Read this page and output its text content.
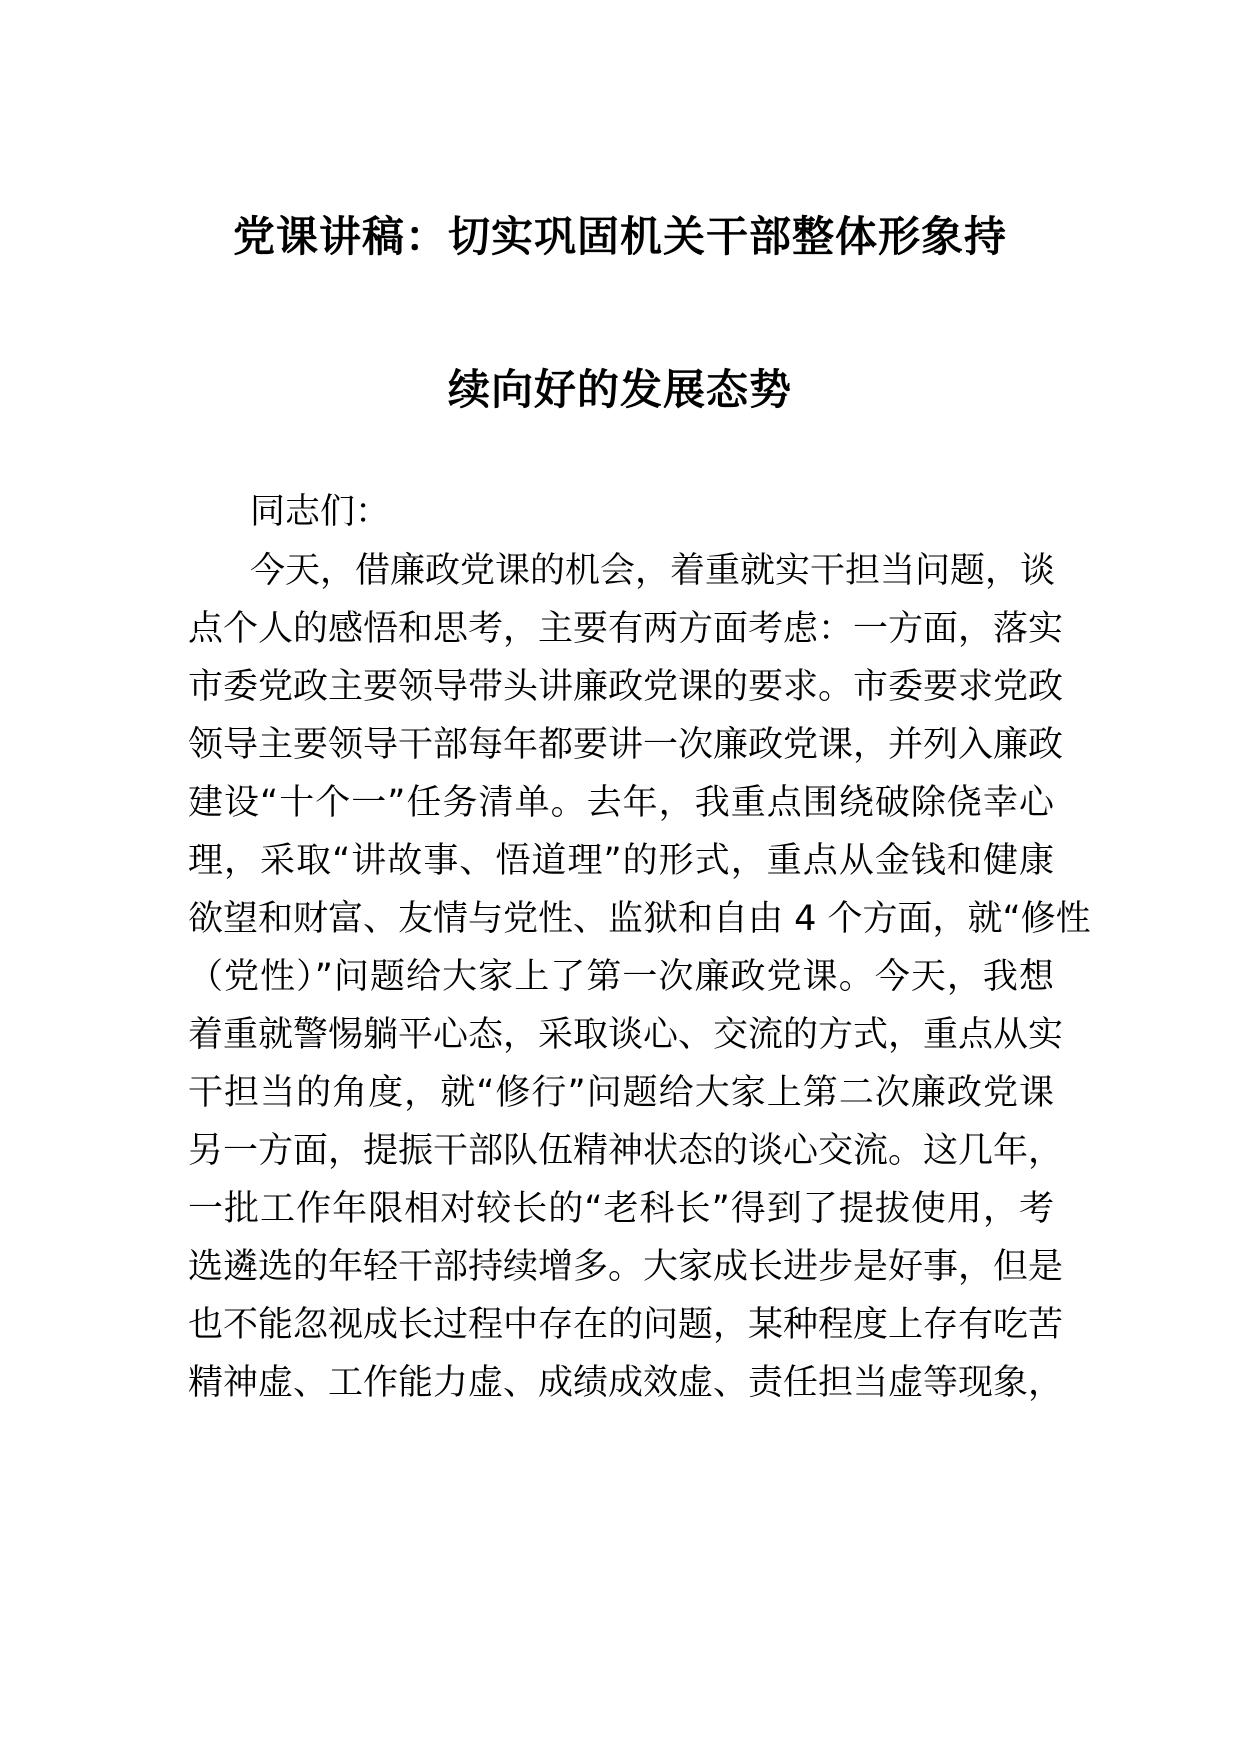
党课讲稿：切实巩固机关干部整体形象持
续向好的发展态势
同志们：
今天，借廉政党课的机会，着重就实干担当问题，谈
点个人的感悟和思考，主要有两方面考虑：一方面，落实
市委党政主要领导带头讲廉政党课的要求。市委要求党政
领导主要领导干部每年都要讲一次廉政党课，并列入廉政
建设“十个一”任务清单。去年，我重点围绕破除侥幸心
理，采取“讲故事、悟道理”的形式，重点从金钱和健康
欲望和财富、友情与党性、监狱和自由 4 个方面，就“修性
（党性）”问题给大家上了第一次廉政党课。今天，我想
着重就警惕躺平心态，采取谈心、交流的方式，重点从实
干担当的角度，就“修行”问题给大家上第二次廉政党课
另一方面，提振干部队伍精神状态的谈心交流。这几年，
一批工作年限相对较长的“老科长”得到了提拔使用，考
选遴选的年轻干部持续增多。大家成长进步是好事，但是
也不能忽视成长过程中存在的问题，某种程度上存有吃苦
精神虚、工作能力虚、成绩成效虚、责任担当虚等现象，
